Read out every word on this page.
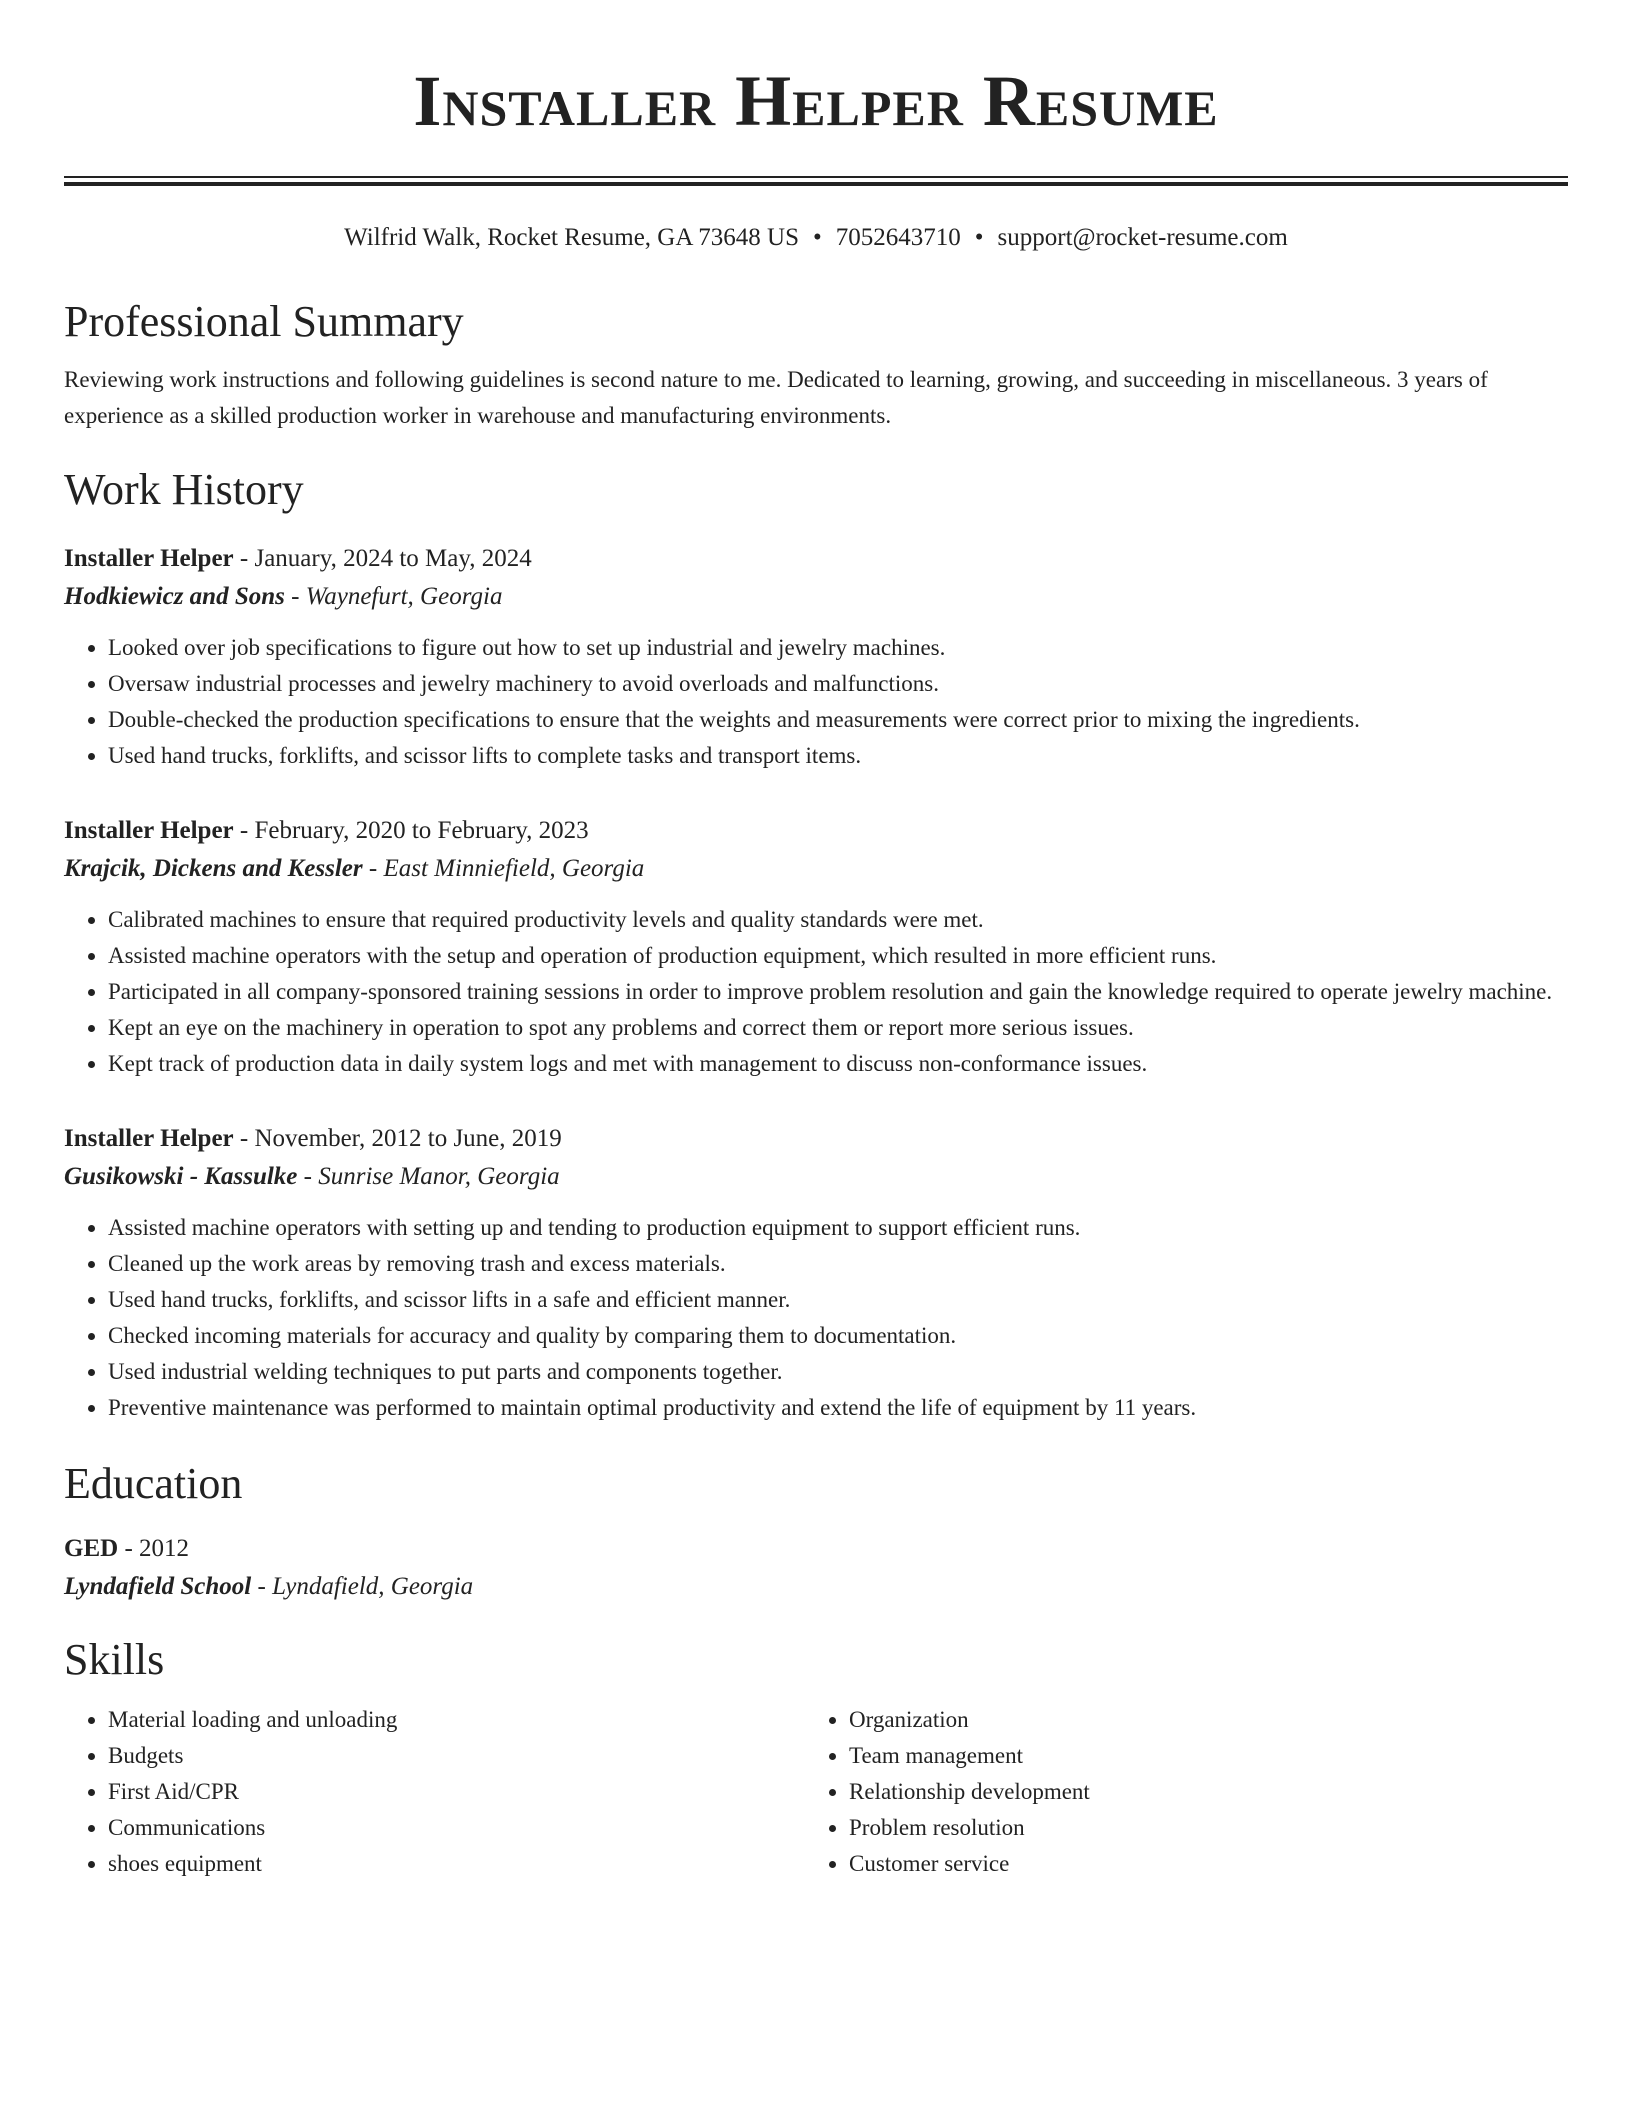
Installer Helper Resume
Wilfrid Walk, Rocket Resume, GA 73648 US • 7052643710 • support@rocket-resume.com
Professional Summary
Reviewing work instructions and following guidelines is second nature to me. Dedicated to learning, growing, and succeeding in miscellaneous. 3 years of experience as a skilled production worker in warehouse and manufacturing environments.
Work History
Installer Helper - January, 2024 to May, 2024
Hodkiewicz and Sons - Waynefurt, Georgia
• Looked over job specifications to figure out how to set up industrial and jewelry machines.
• Oversaw industrial processes and jewelry machinery to avoid overloads and malfunctions.
• Double-checked the production specifications to ensure that the weights and measurements were correct prior to mixing the ingredients.
• Used hand trucks, forklifts, and scissor lifts to complete tasks and transport items.
Installer Helper - February, 2020 to February, 2023
Krajcik, Dickens and Kessler - East Minniefield, Georgia
• Calibrated machines to ensure that required productivity levels and quality standards were met.
• Assisted machine operators with the setup and operation of production equipment, which resulted in more efficient runs.
• Participated in all company-sponsored training sessions in order to improve problem resolution and gain the knowledge required to operate jewelry machine.
• Kept an eye on the machinery in operation to spot any problems and correct them or report more serious issues.
• Kept track of production data in daily system logs and met with management to discuss non-conformance issues.
Installer Helper - November, 2012 to June, 2019
Gusikowski - Kassulke - Sunrise Manor, Georgia
• Assisted machine operators with setting up and tending to production equipment to support efficient runs.
• Cleaned up the work areas by removing trash and excess materials.
• Used hand trucks, forklifts, and scissor lifts in a safe and efficient manner.
• Checked incoming materials for accuracy and quality by comparing them to documentation.
• Used industrial welding techniques to put parts and components together.
• Preventive maintenance was performed to maintain optimal productivity and extend the life of equipment by 11 years.
Education
GED - 2012
Lyndafield School - Lyndafield, Georgia
Skills
• Material loading and unloading
• Budgets
• First Aid/CPR
• Communications
• shoes equipment
• Organization
• Team management
• Relationship development
• Problem resolution
• Customer service
